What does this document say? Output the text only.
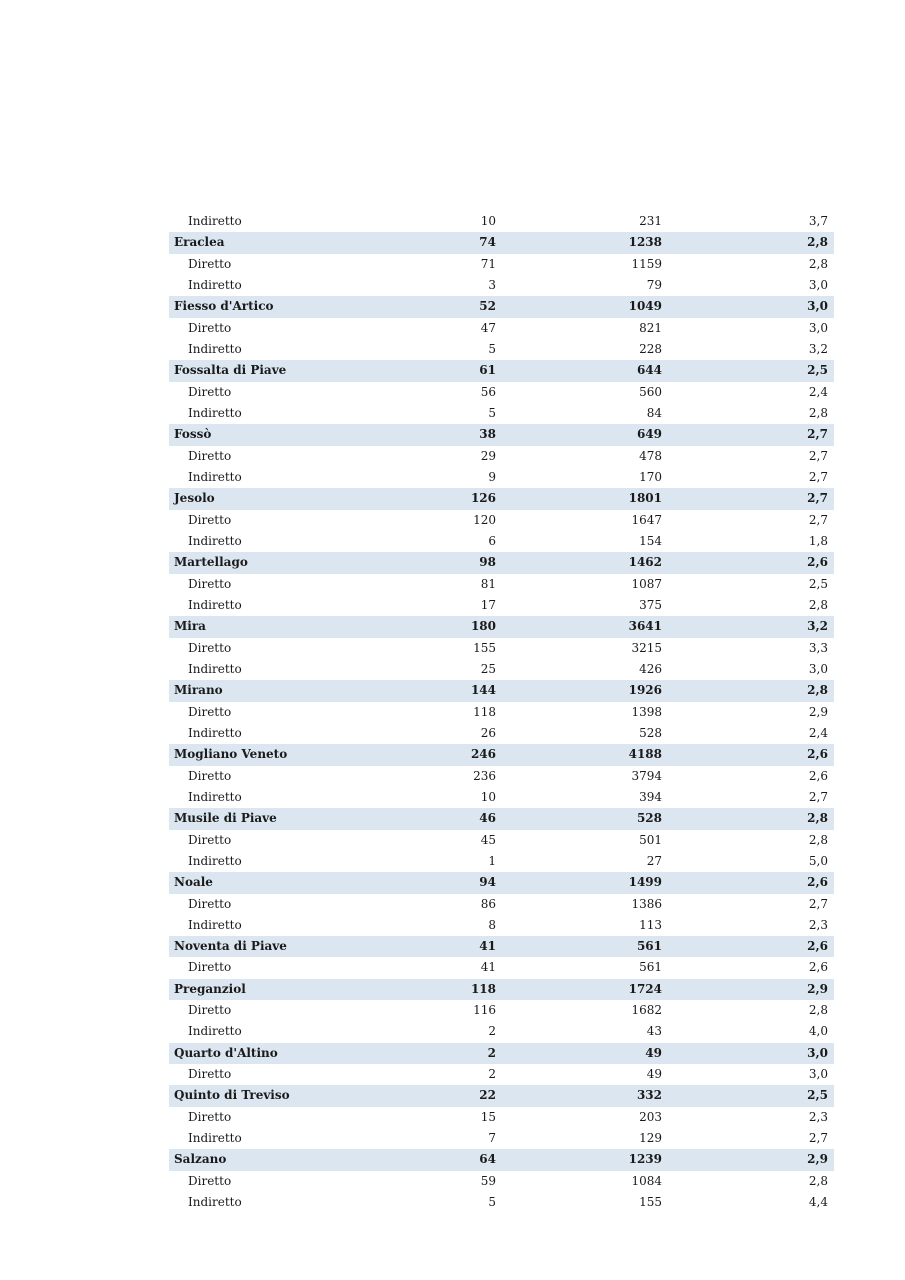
Indiretto	10	231	3,7
Eraclea	74	1238	2,8
Diretto	71	1159	2,8
Indiretto	3	79	3,0
Fiesso d'Artico	52	1049	3,0
Diretto	47	821	3,0
Indiretto	5	228	3,2
Fossalta di Piave	61	644	2,5
Diretto	56	560	2,4
Indiretto	5	84	2,8
Fossò	38	649	2,7
Diretto	29	478	2,7
Indiretto	9	170	2,7
Jesolo	126	1801	2,7
Diretto	120	1647	2,7
Indiretto	6	154	1,8
Martellago	98	1462	2,6
Diretto	81	1087	2,5
Indiretto	17	375	2,8
Mira	180	3641	3,2
Diretto	155	3215	3,3
Indiretto	25	426	3,0
Mirano	144	1926	2,8
Diretto	118	1398	2,9
Indiretto	26	528	2,4
Mogliano Veneto	246	4188	2,6
Diretto	236	3794	2,6
Indiretto	10	394	2,7
Musile di Piave	46	528	2,8
Diretto	45	501	2,8
Indiretto	1	27	5,0
Noale	94	1499	2,6
Diretto	86	1386	2,7
Indiretto	8	113	2,3
Noventa di Piave	41	561	2,6
Diretto	41	561	2,6
Preganziol	118	1724	2,9
Diretto	116	1682	2,8
Indiretto	2	43	4,0
Quarto d'Altino	2	49	3,0
Diretto	2	49	3,0
Quinto di Treviso	22	332	2,5
Diretto	15	203	2,3
Indiretto	7	129	2,7
Salzano	64	1239	2,9
Diretto	59	1084	2,8
Indiretto	5	155	4,4
